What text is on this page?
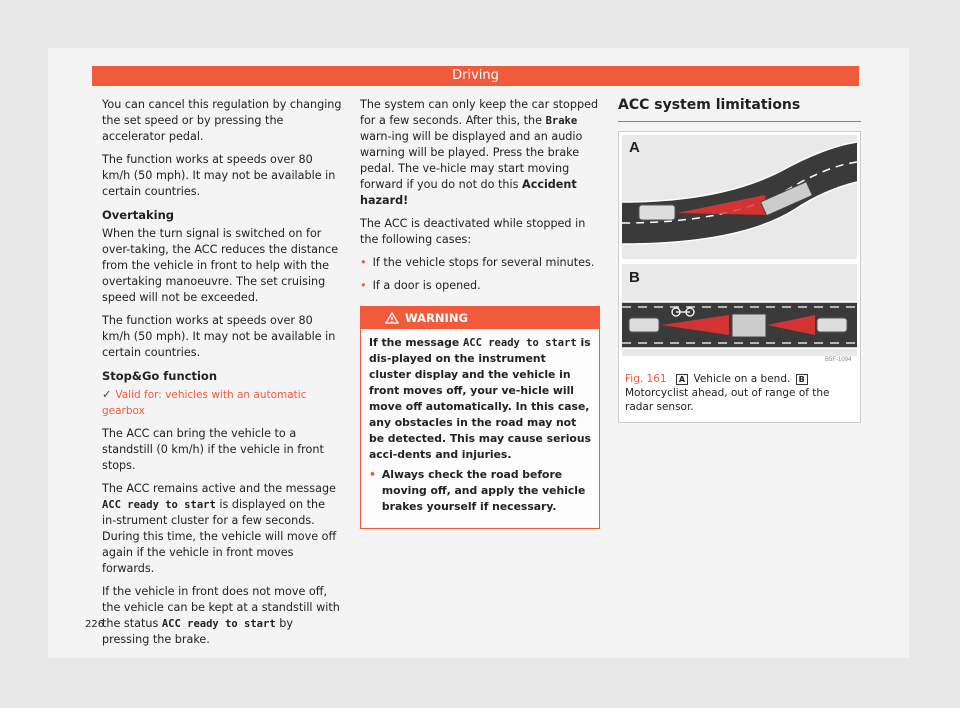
Driving

You can cancel this regulation by changing the set speed or by pressing the accelerator pedal.

The function works at speeds over 80 km/h (50 mph). It may not be available in certain countries.

Overtaking

When the turn signal is switched on for over-taking, the ACC reduces the distance from the vehicle in front to help with the overtaking manoeuvre. The set cruising speed will not be exceeded.

The function works at speeds over 80 km/h (50 mph). It may not be available in certain countries.

Stop&Go function

✓ Valid for: vehicles with an automatic gearbox

The ACC can bring the vehicle to a standstill (0 km/h) if the vehicle in front stops.

The ACC remains active and the message ACC ready to start is displayed on the in-strument cluster for a few seconds. During this time, the vehicle will move off again if the vehicle in front moves forwards.

If the vehicle in front does not move off, the vehicle can be kept at a standstill with the status ACC ready to start by pressing the brake.

The system can only keep the car stopped for a few seconds. After this, the Brake warn-ing will be displayed and an audio warning will be played. Press the brake pedal. The ve-hicle may start moving forward if you do not do this Accident hazard!

The ACC is deactivated while stopped in the following cases:

• If the vehicle stops for several minutes.
• If a door is opened.
WARNING

If the message ACC ready to start is dis-played on the instrument cluster display and the vehicle in front moves off, your ve-hicle will move off automatically. In this case, any obstacles in the road may not be detected. This may cause serious acci-dents and injuries.

• Always check the road before moving off, and apply the vehicle brakes yourself if necessary.
ACC system limitations
A
B
B5F-1094
Fig. 161 A Vehicle on a bend. B Motorcyclist ahead, out of range of the radar sensor.
226
